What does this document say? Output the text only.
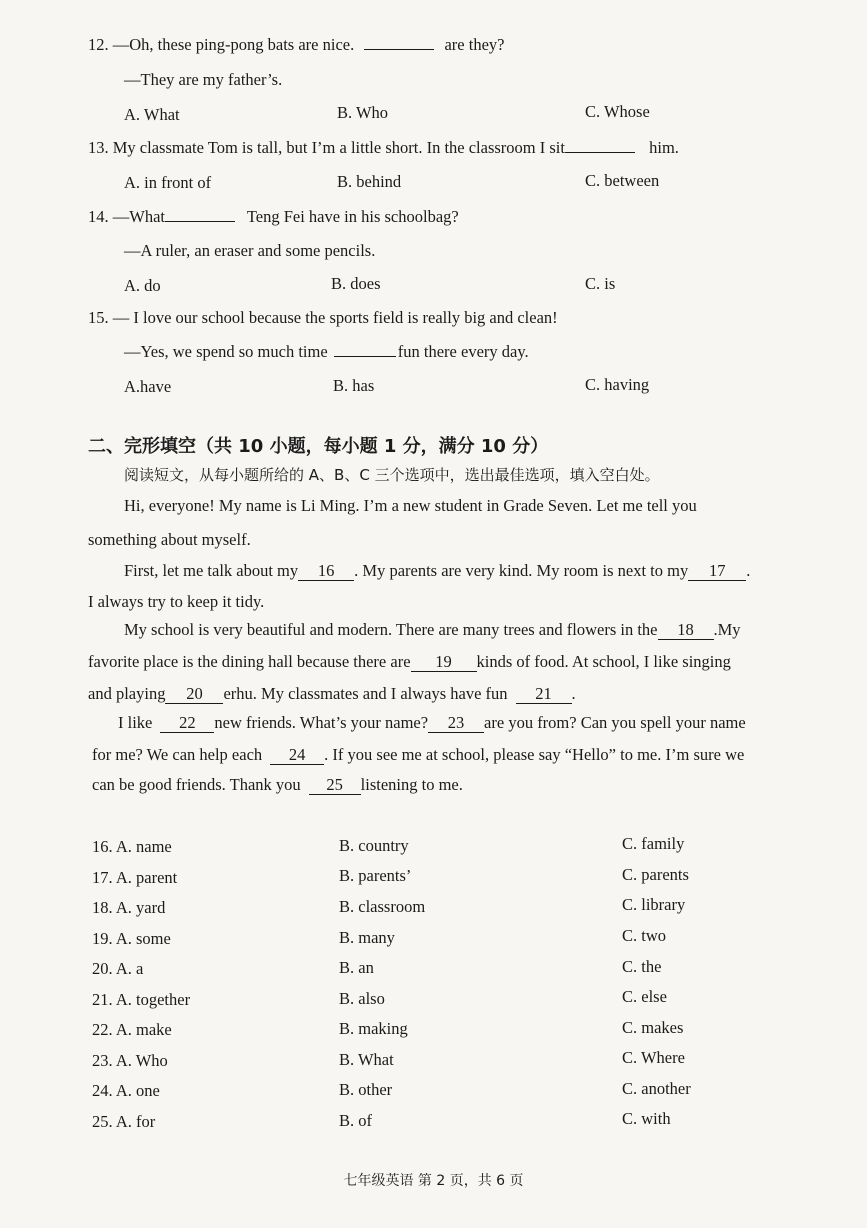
12. —Oh, these ping-pong bats are nice.	are they?
—They are my father’s.
A. What	B. Who	C. Whose
13. My classmate Tom is tall, but I’m a little short. In the classroom I sit	him.
A. in front of	B. behind	C. between
14. —What	Teng Fei have in his schoolbag?
—A ruler, an eraser and some pencils.
A. do	B. does	C. is
15. — I love our school because the sports field is really big and clean!
—Yes, we spend so much time	fun there every day.
A.have	B. has	C. having
二、完形填空（共 10 小题，每小题 1 分，满分 10 分）
阅读短文，从每小题所给的 A、B、C 三个选项中，选出最佳选项，填入空白处。
Hi, everyone! My name is Li Ming. I’m a new student in Grade Seven. Let me tell you
something about myself.
First, let me talk about my 16 . My parents are very kind. My room is next to my 17 .
I always try to keep it tidy.
My school is very beautiful and modern. There are many trees and flowers in the 18 .My
favorite place is the dining hall because there are 19 kinds of food. At school, I like singing
and playing 20 erhu. My classmates and I always have fun 21 .
I like 22 new friends. What’s your name? 23 are you from? Can you spell your name
for me? We can help each 24 . If you see me at school, please say “Hello” to me. I’m sure we
can be good friends. Thank you 25 listening to me.
16. A. name	B. country	C. family
17. A. parent	B. parents’	C. parents
18. A. yard	B. classroom	C. library
19. A. some	B. many	C. two
20. A. a	B. an	C. the
21. A. together	B. also	C. else
22. A. make	B. making	C. makes
23. A. Who	B. What	C. Where
24. A. one	B. other	C. another
25. A. for	B. of	C. with
七年级英语 第 2 页，共 6 页
